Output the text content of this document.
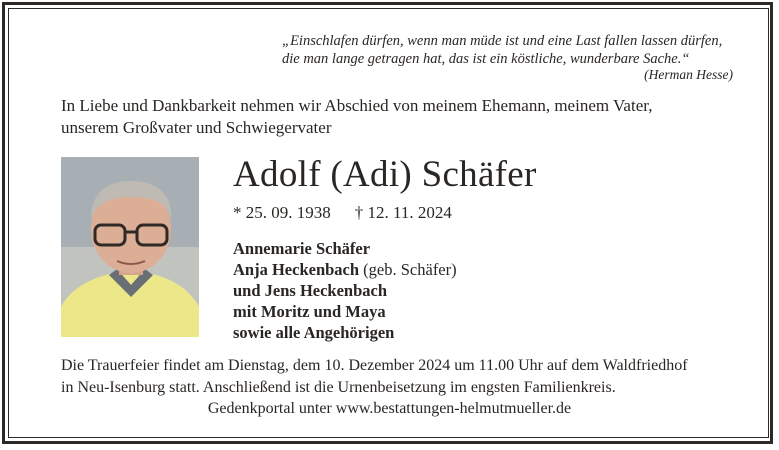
„Einschlafen dürfen, wenn man müde ist und eine Last fallen lassen dürfen,
die man lange getragen hat, das ist ein köstliche, wunderbare Sache.“
(Herman Hesse)
In Liebe und Dankbarkeit nehmen wir Abschied von meinem Ehemann, meinem Vater,
unserem Großvater und Schwiegervater
Adolf (Adi) Schäfer
* 25. 09. 1938 † 12. 11. 2024
Annemarie Schäfer
Anja Heckenbach (geb. Schäfer)
und Jens Heckenbach
mit Moritz und Maya
sowie alle Angehörigen
Die Trauerfeier findet am Dienstag, dem 10. Dezember 2024 um 11.00 Uhr auf dem Waldfriedhof
in Neu-Isenburg statt. Anschließend ist die Urnenbeisetzung im engsten Familienkreis.
Gedenkportal unter www.bestattungen-helmutmueller.de
